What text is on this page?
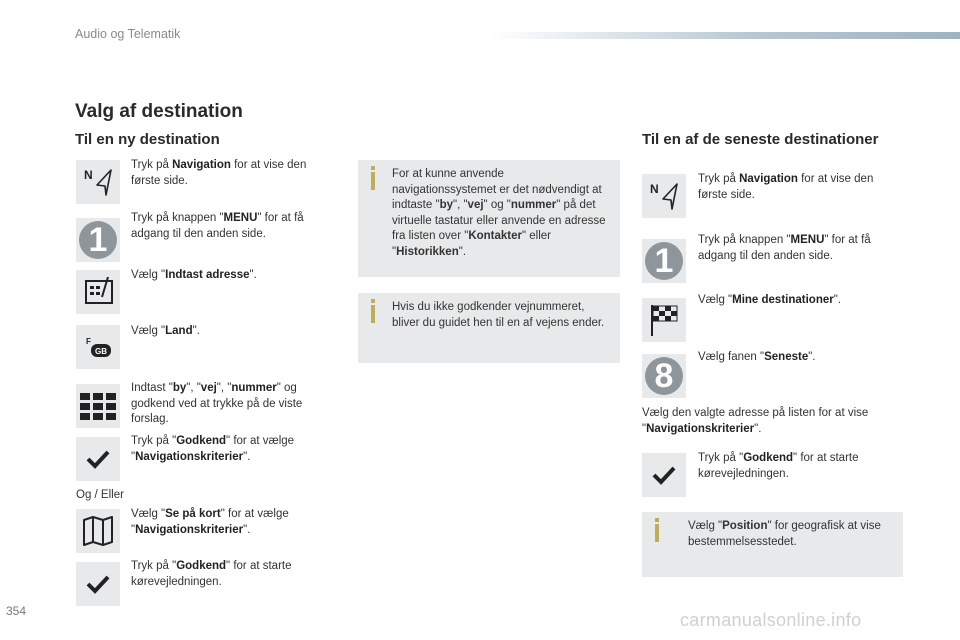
Audio og Telematik
Valg af destination
Til en ny destination	Til en af de seneste destinationer
N
Tryk på Navigation for at vise den første side.
1
Tryk på knappen "MENU" for at få adgang til den anden side.
Vælg "Indtast adresse".
F
GB
Vælg "Land".
Indtast "by", "vej", "nummer" og godkend ved at trykke på de viste forslag.
Tryk på "Godkend" for at vælge "Navigationskriterier".
Og / Eller
Vælg "Se på kort" for at vælge "Navigationskriterier".
Tryk på "Godkend" for at starte kørevejledningen.
For at kunne anvende navigationssystemet er det nødvendigt at indtaste "by", "vej" og "nummer" på det virtuelle tastatur eller anvende en adresse fra listen over "Kontakter" eller "Historikken".
Hvis du ikke godkender vejnummeret, bliver du guidet hen til en af vejens ender.
N
Tryk på Navigation for at vise den første side.
1
Tryk på knappen "MENU" for at få adgang til den anden side.
Vælg "Mine destinationer".
8 Vælg fanen "Seneste".
Vælg den valgte adresse på listen for at vise "Navigationskriterier".
Tryk på "Godkend" for at starte kørevejledningen.
Vælg "Position" for geografisk at vise bestemmelsesstedet.
354	carmanualsonline.info
